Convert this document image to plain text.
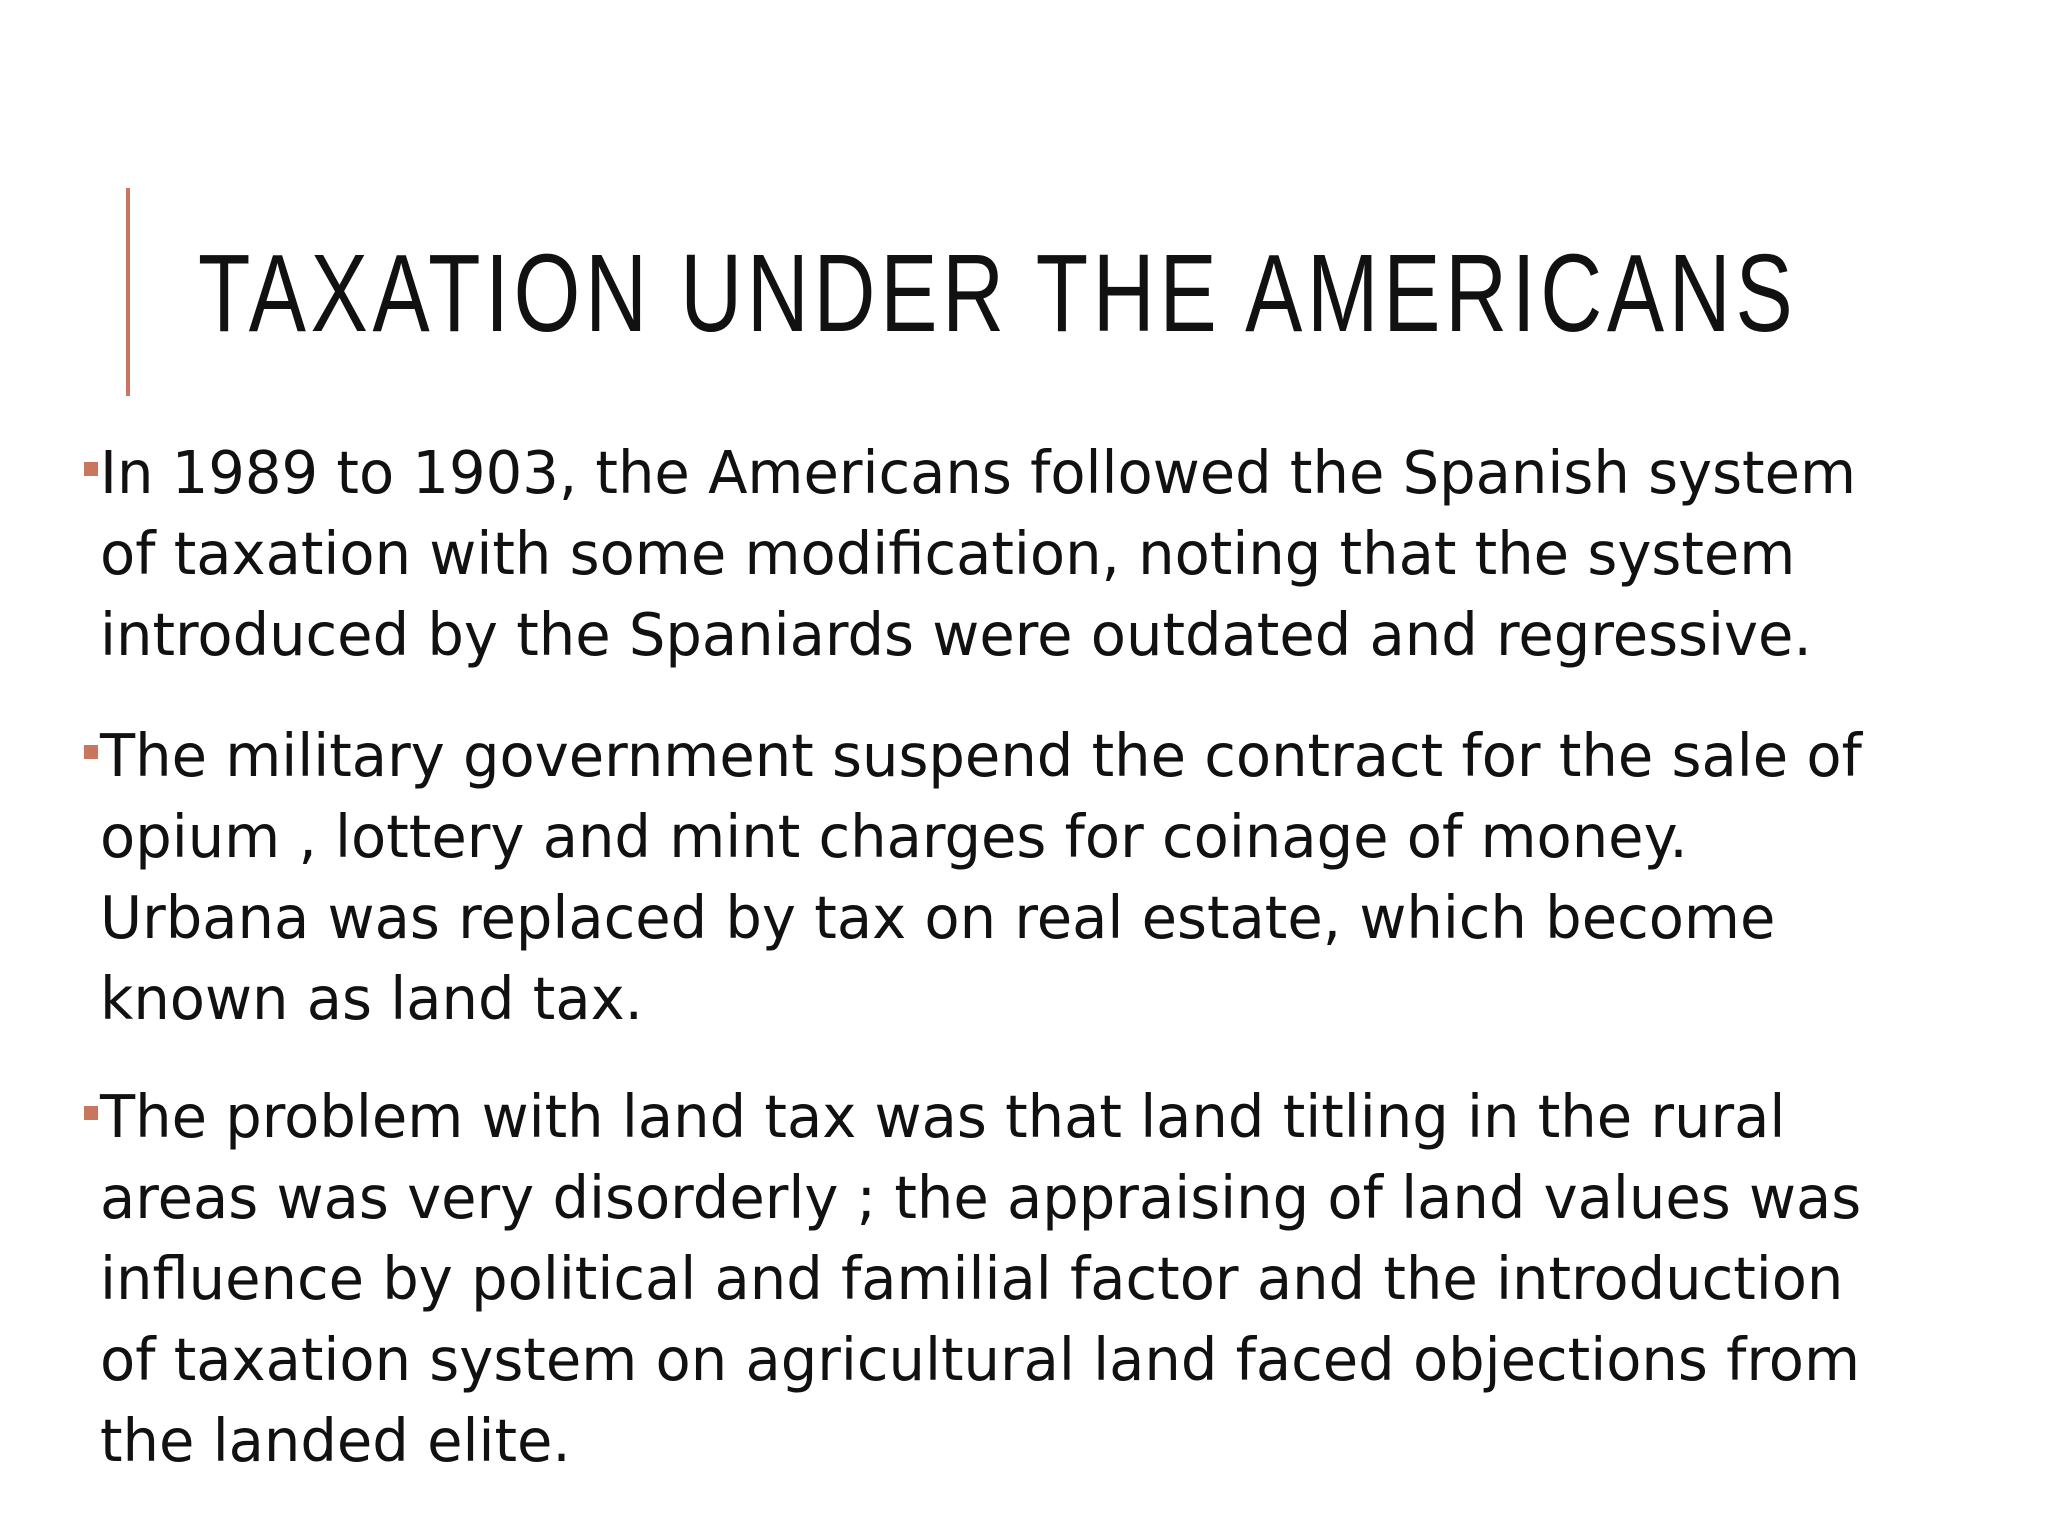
TAXATION UNDER THE AMERICANS
In 1989 to 1903, the Americans followed the Spanish system
of taxation with some modification, noting that the system
introduced by the Spaniards were outdated and regressive.
The military government suspend the contract for the sale of
opium , lottery and mint charges for coinage of money.
Urbana was replaced by tax on real estate, which become
known as land tax.
The problem with land tax was that land titling in the rural
areas was very disorderly ; the appraising of land values was
influence by political and familial factor and the introduction
of taxation system on agricultural land faced objections from
the landed elite.
